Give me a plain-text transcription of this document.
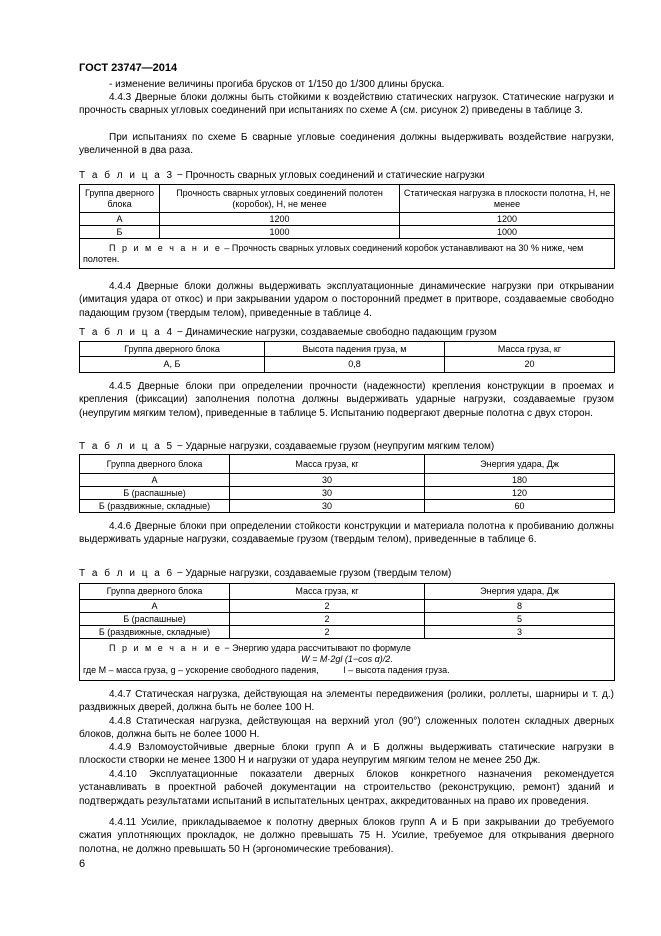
ГОСТ 23747—2014

- изменение величины прогиба брусков от 1/150 до 1/300 длины бруска.

4.4.3 Дверные блоки должны быть стойкими к воздействию статических нагрузок. Статические нагрузки и прочность сварных угловых соединений при испытаниях по схеме А (см. рисунок 2) приведены в таблице 3.

При испытаниях по схеме Б сварные угловые соединения должны выдерживать воздействие нагрузки, увеличенной в два раза.

Т а б л и ц а 3 − Прочность сварных угловых соединений и статические нагрузки
Группа дверного блока	Прочность сварных угловых соединений полотен (коробок), Н, не менее	Статическая нагрузка в плоскости полотна, Н, не менее
А	1200	1200
Б	1000	1000
П р и м е ч а н и е – Прочность сварных угловых соединений коробок устанавливают на 30 % ниже, чем полотен.		

4.4.4 Дверные блоки должны выдерживать эксплуатационные динамические нагрузки при открывании (имитация удара от откос) и при закрывании ударом о посторонний предмет в притворе, создаваемые свободно падающим грузом (твердым телом), приведенные в таблице 4.

Т а б л и ц а 4 − Динамические нагрузки, создаваемые свободно падающим грузом
Группа дверного блока	Высота падения груза, м	Масса груза, кг
А, Б	0,8	20

4.4.5 Дверные блоки при определении прочности (надежности) крепления конструкции в проемах и крепления (фиксации) заполнения полотна должны выдерживать ударные нагрузки, создаваемые грузом (неупругим мягким телом), приведенные в таблице 5. Испытанию подвергают дверные полотна с двух сторон.

Т а б л и ц а 5 − Ударные нагрузки, создаваемые грузом (неупругим мягким телом)
Группа дверного блока	Масса груза, кг	Энергия удара, Дж
А	30	180
Б (распашные)	30	120
Б (раздвижные, складные)	30	60

4.4.6 Дверные блоки при определении стойкости конструкции и материала полотна к пробиванию должны выдерживать ударные нагрузки, создаваемые грузом (твердым телом), приведенные в таблице 6.

Т а б л и ц а 6 − Ударные нагрузки, создаваемые грузом (твердым телом)
Группа дверного блока	Масса груза, кг	Энергия удара, Дж
А	2	8
Б (распашные)	2	5
Б (раздвижные, складные)	2	3

П р и м е ч а н и е − Энергию удара рассчитывают по формуле
W = M·2gl (1−cos α)/2.
где M – масса груза, g – ускорение свободного падения,          l – высота падения груза.		

4.4.7 Статическая нагрузка, действующая на элементы передвижения (ролики, роллеты, шарниры и т. д.) раздвижных дверей, должна быть не более 100 Н.

4.4.8 Статическая нагрузка, действующая на верхний угол (90°) сложенных полотен складных дверных блоков, должна быть не более 1000 Н.

4.4.9 Взломоустойчивые дверные блоки групп А и Б должны выдерживать статические нагрузки в плоскости створки не менее 1300 Н и нагрузки от удара неупругим мягким телом не менее 250 Дж.

4.4.10 Эксплуатационные показатели дверных блоков конкретного назначения рекомендуется устанавливать в проектной рабочей документации на строительство (реконструкцию, ремонт) зданий и подтверждать результатами испытаний в испытательных центрах, аккредитованных на право их проведения.

4.4.11 Усилие, прикладываемое к полотну дверных блоков групп А и Б при закрывании до требуемого сжатия уплотняющих прокладок, не должно превышать 75 Н. Усилие, требуемое для открывания дверного полотна, не должно превышать 50 Н (эргономические требования).

6
